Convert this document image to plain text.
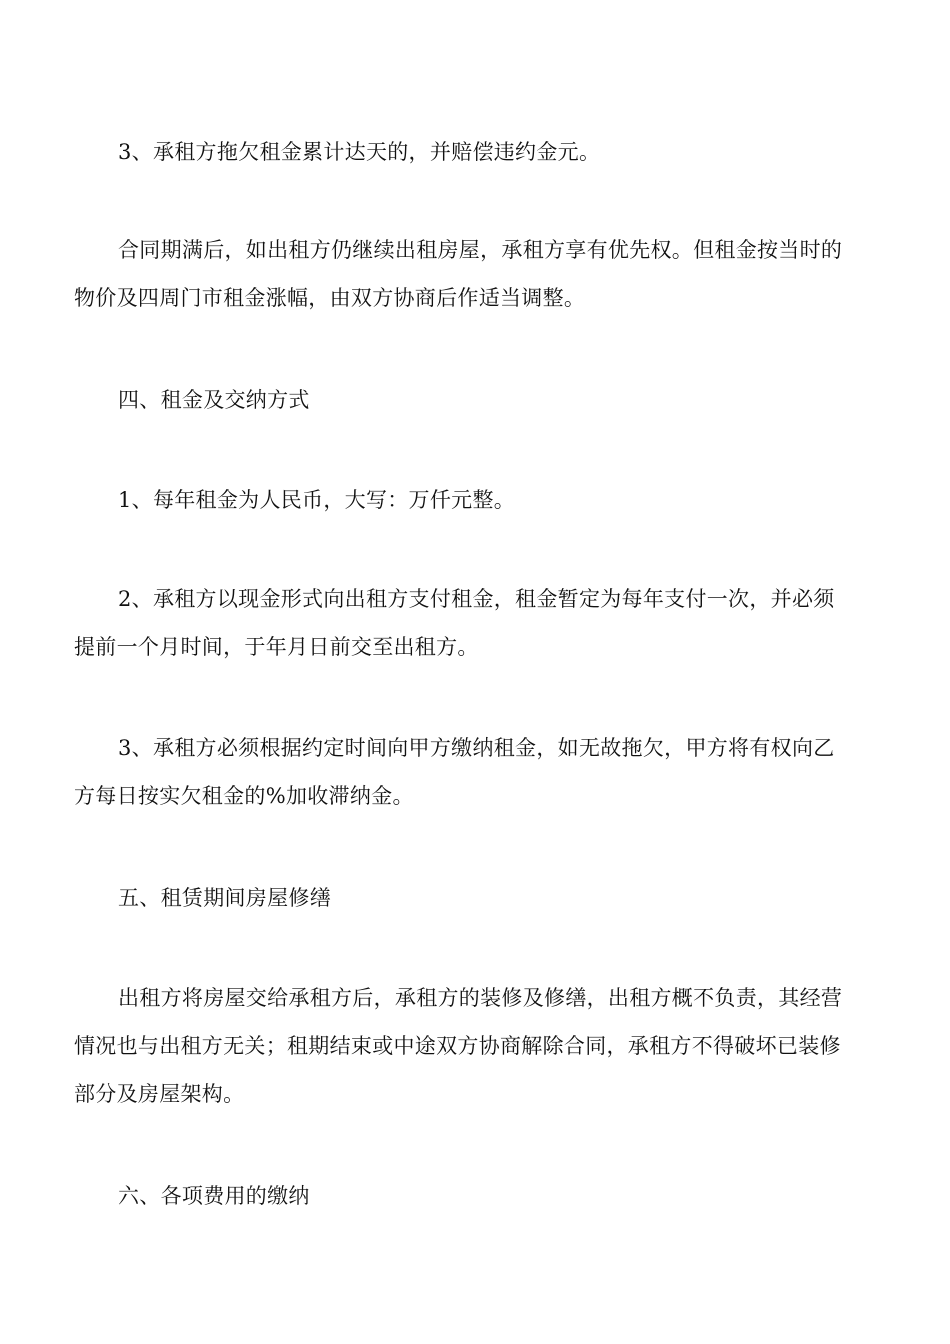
3、承租方拖欠租金累计达天的，并赔偿违约金元。

合同期满后，如出租方仍继续出租房屋，承租方享有优先权。但租金按当时的
物价及四周门市租金涨幅，由双方协商后作适当调整。

四、租金及交纳方式

1、每年租金为人民币，大写：万仟元整。

2、承租方以现金形式向出租方支付租金，租金暂定为每年支付一次，并必须
提前一个月时间，于年月日前交至出租方。

3、承租方必须根据约定时间向甲方缴纳租金，如无故拖欠，甲方将有权向乙
方每日按实欠租金的%加收滞纳金。

五、租赁期间房屋修缮

出租方将房屋交给承租方后，承租方的装修及修缮，出租方概不负责，其经营
情况也与出租方无关；租期结束或中途双方协商解除合同，承租方不得破坏已装修
部分及房屋架构。

六、各项费用的缴纳
